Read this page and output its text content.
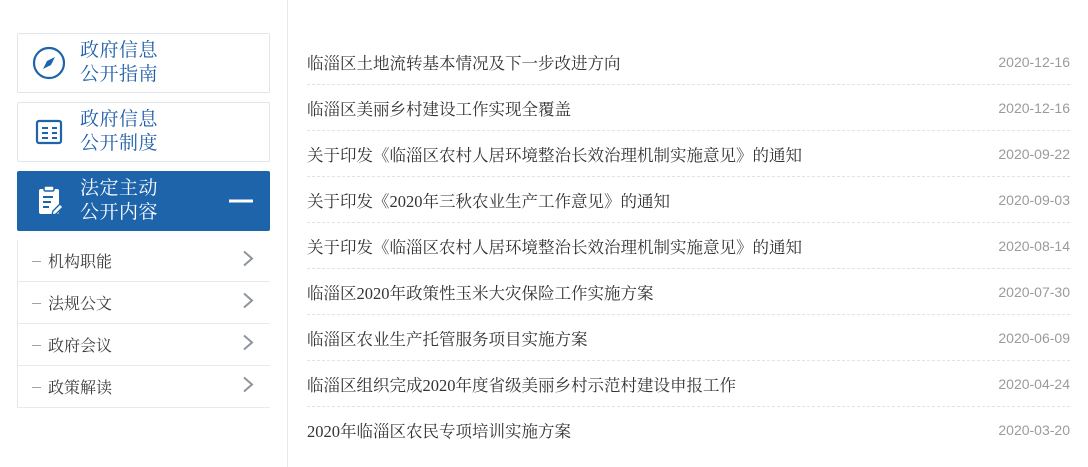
政府信息
公开指南
政府信息
公开制度
法定主动
公开内容
机构职能
法规公文
政府会议
政策解读
临淄区土地流转基本情况及下一步改进方向	2020-12-16
临淄区美丽乡村建设工作实现全覆盖	2020-12-16
关于印发《临淄区农村人居环境整治长效治理机制实施意见》的通知	2020-09-22
关于印发《2020年三秋农业生产工作意见》的通知	2020-09-03
关于印发《临淄区农村人居环境整治长效治理机制实施意见》的通知	2020-08-14
临淄区2020年政策性玉米大灾保险工作实施方案	2020-07-30
临淄区农业生产托管服务项目实施方案	2020-06-09
临淄区组织完成2020年度省级美丽乡村示范村建设申报工作	2020-04-24
2020年临淄区农民专项培训实施方案	2020-03-20
